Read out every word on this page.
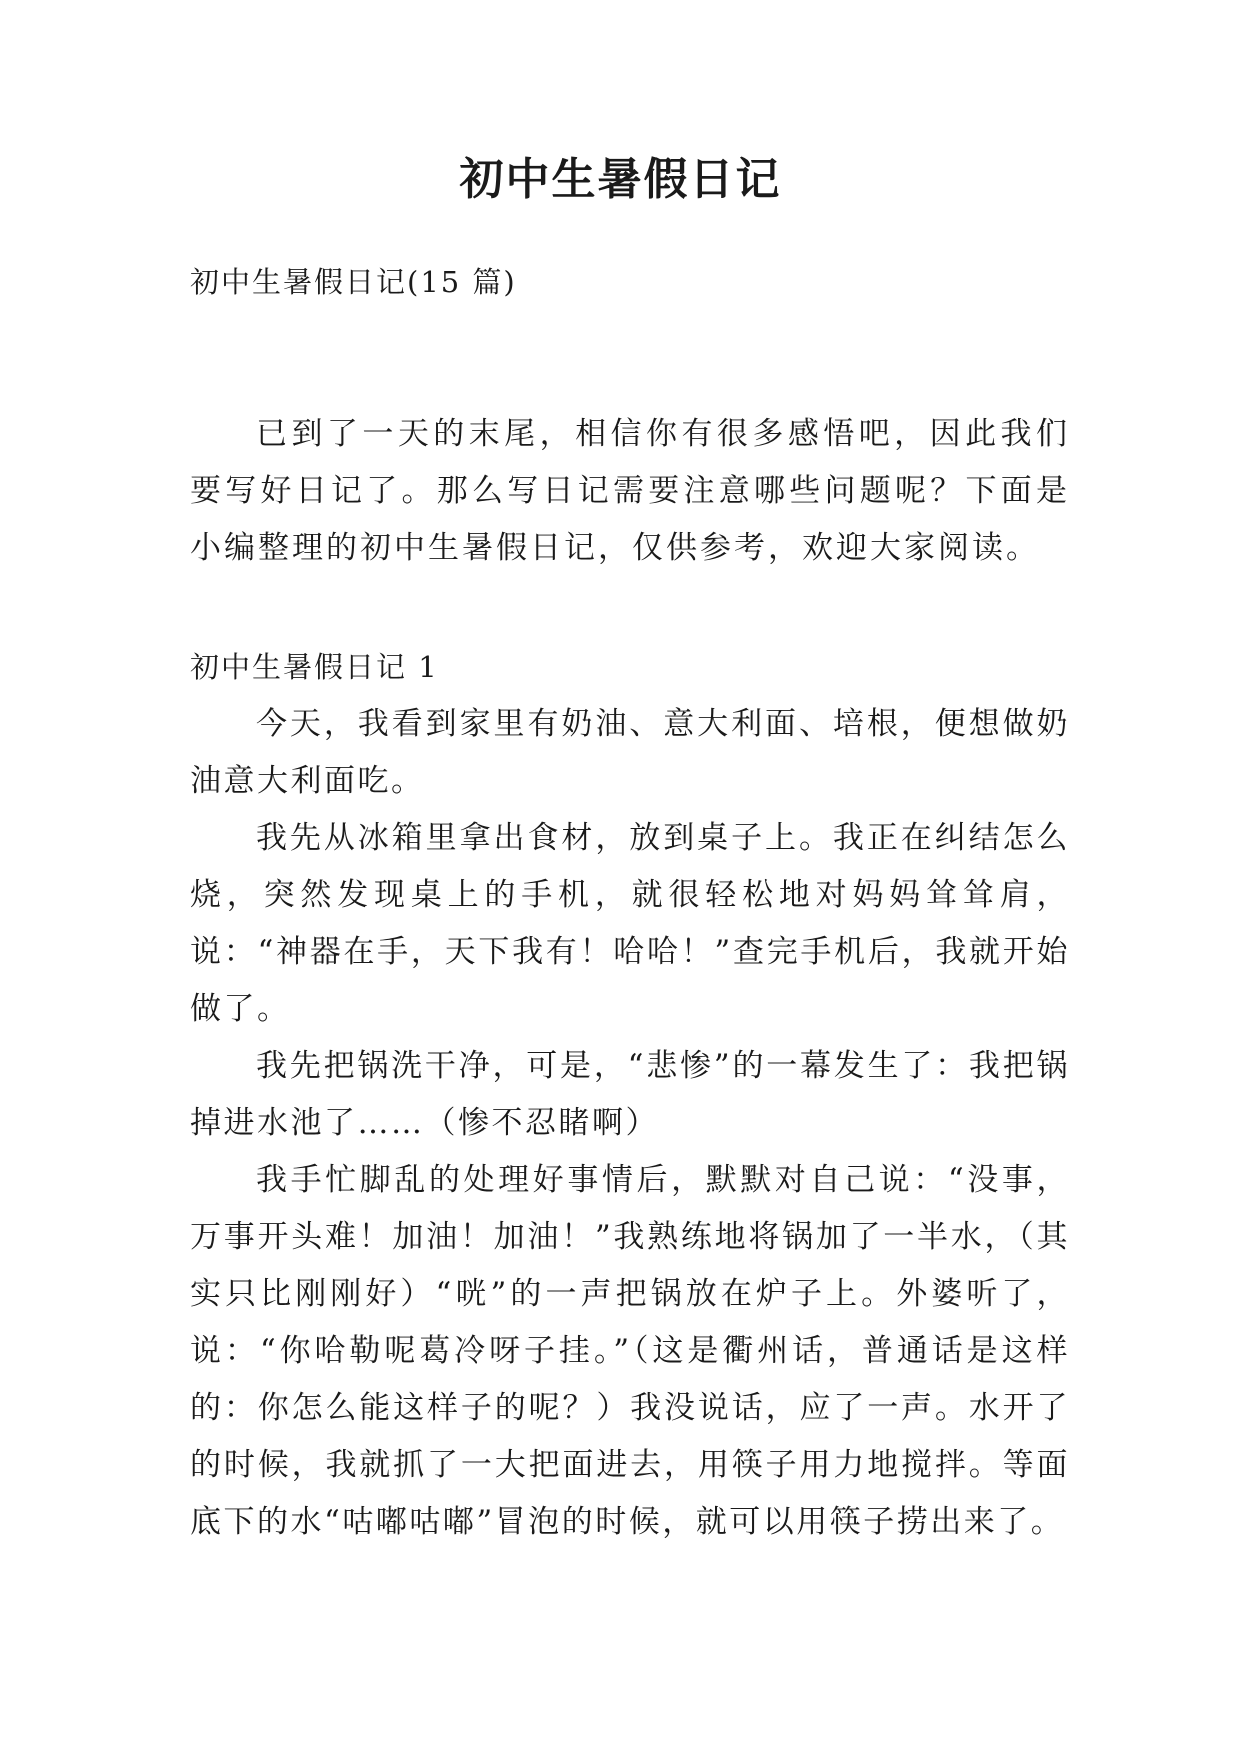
初中生暑假日记
初中生暑假日记(15 篇)

已到了一天的末尾，相信你有很多感悟吧，因此我们要写好日记了。那么写日记需要注意哪些问题呢？下面是小编整理的初中生暑假日记，仅供参考，欢迎大家阅读。

初中生暑假日记 1

今天，我看到家里有奶油、意大利面、培根，便想做奶油意大利面吃。

我先从冰箱里拿出食材，放到桌子上。我正在纠结怎么烧，突然发现桌上的手机，就很轻松地对妈妈耸耸肩，说：“神器在手，天下我有！哈哈！”查完手机后，我就开始做了。

我先把锅洗干净，可是，“悲惨”的一幕发生了：我把锅掉进水池了……（惨不忍睹啊）

我手忙脚乱的处理好事情后，默默对自己说：“没事，万事开头难！加油！加油！”我熟练地将锅加了一半水，（其实只比刚刚好）“咣”的一声把锅放在炉子上。外婆听了，说：“你哈勒呢葛冷呀子挂。”（这是衢州话，普通话是这样的：你怎么能这样子的呢？）我没说话，应了一声。水开了的时候，我就抓了一大把面进去，用筷子用力地搅拌。等面底下的水“咕嘟咕嘟”冒泡的时候，就可以用筷子捞出来了。
